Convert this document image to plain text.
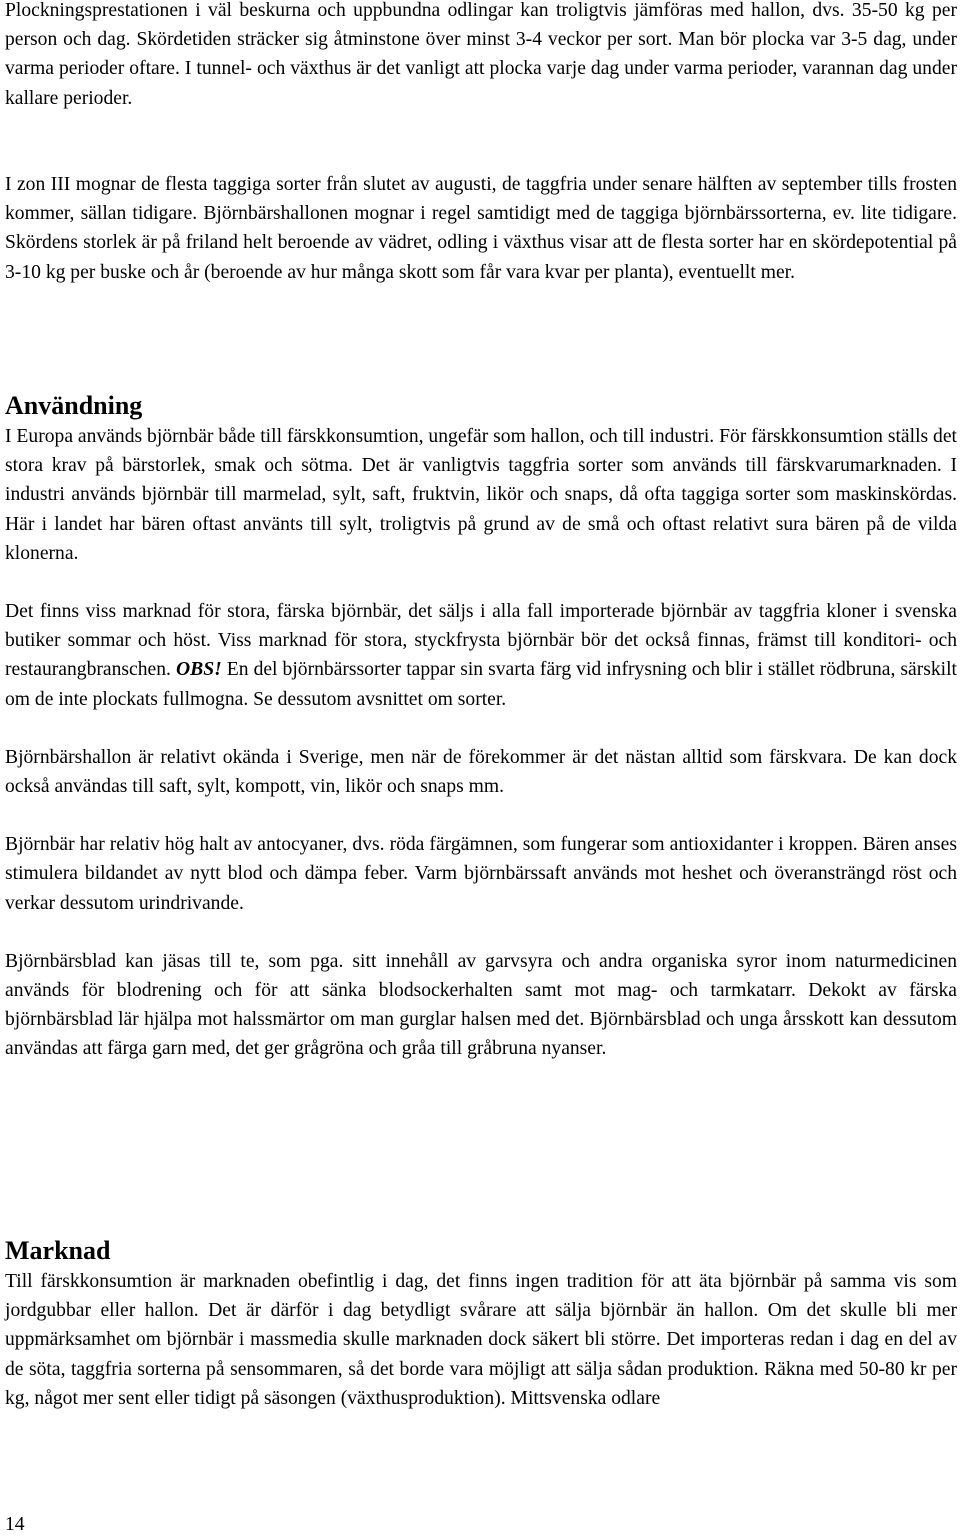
Plockningsprestationen i väl beskurna och uppbundna odlingar kan troligtvis jämföras med hallon, dvs. 35-50 kg per person och dag. Skördetiden sträcker sig åtminstone över minst 3-4 veckor per sort. Man bör plocka var 3-5 dag, under varma perioder oftare. I tunnel- och växthus är det vanligt att plocka varje dag under varma perioder, varannan dag under kallare perioder.

I zon III mognar de flesta taggiga sorter från slutet av augusti, de taggfria under senare hälften av september tills frosten kommer, sällan tidigare. Björnbärshallonen mognar i regel samtidigt med de taggiga björnbärssorterna, ev. lite tidigare. Skördens storlek är på friland helt beroende av vädret, odling i växthus visar att de flesta sorter har en skördepotential på 3-10 kg per buske och år (beroende av hur många skott som får vara kvar per planta), eventuellt mer.

Användning

I Europa används björnbär både till färskkonsumtion, ungefär som hallon, och till industri. För färskkonsumtion ställs det stora krav på bärstorlek, smak och sötma. Det är vanligtvis taggfria sorter som används till färskvarumarknaden. I industri används björnbär till marmelad, sylt, saft, fruktvin, likör och snaps, då ofta taggiga sorter som maskinskördas. Här i landet har bären oftast använts till sylt, troligtvis på grund av de små och oftast relativt sura bären på de vilda klonerna.

Det finns viss marknad för stora, färska björnbär, det säljs i alla fall importerade björnbär av taggfria kloner i svenska butiker sommar och höst. Viss marknad för stora, styckfrysta björnbär bör det också finnas, främst till konditori- och restaurangbranschen. OBS! En del björnbärssorter tappar sin svarta färg vid infrysning och blir i stället rödbruna, särskilt om de inte plockats fullmogna. Se dessutom avsnittet om sorter.

Björnbärshallon är relativt okända i Sverige, men när de förekommer är det nästan alltid som färskvara. De kan dock också användas till saft, sylt, kompott, vin, likör och snaps mm.

Björnbär har relativ hög halt av antocyaner, dvs. röda färgämnen, som fungerar som antioxidanter i kroppen. Bären anses stimulera bildandet av nytt blod och dämpa feber. Varm björnbärssaft används mot heshet och överansträngd röst och verkar dessutom urindrivande.

Björnbärsblad kan jäsas till te, som pga. sitt innehåll av garvsyra och andra organiska syror inom naturmedicinen används för blodrening och för att sänka blodsockerhalten samt mot mag- och tarmkatarr. Dekokt av färska björnbärsblad lär hjälpa mot halssmärtor om man gurglar halsen med det. Björnbärsblad och unga årsskott kan dessutom användas att färga garn med, det ger grågröna och gråa till gråbruna nyanser.

Marknad

Till färskkonsumtion är marknaden obefintlig i dag, det finns ingen tradition för att äta björnbär på samma vis som jordgubbar eller hallon. Det är därför i dag betydligt svårare att sälja björnbär än hallon. Om det skulle bli mer uppmärksamhet om björnbär i massmedia skulle marknaden dock säkert bli större. Det importeras redan i dag en del av de söta, taggfria sorterna på sensommaren, så det borde vara möjligt att sälja sådan produktion. Räkna med 50-80 kr per kg, något mer sent eller tidigt på säsongen (växthusproduktion). Mittsvenska odlare

14
